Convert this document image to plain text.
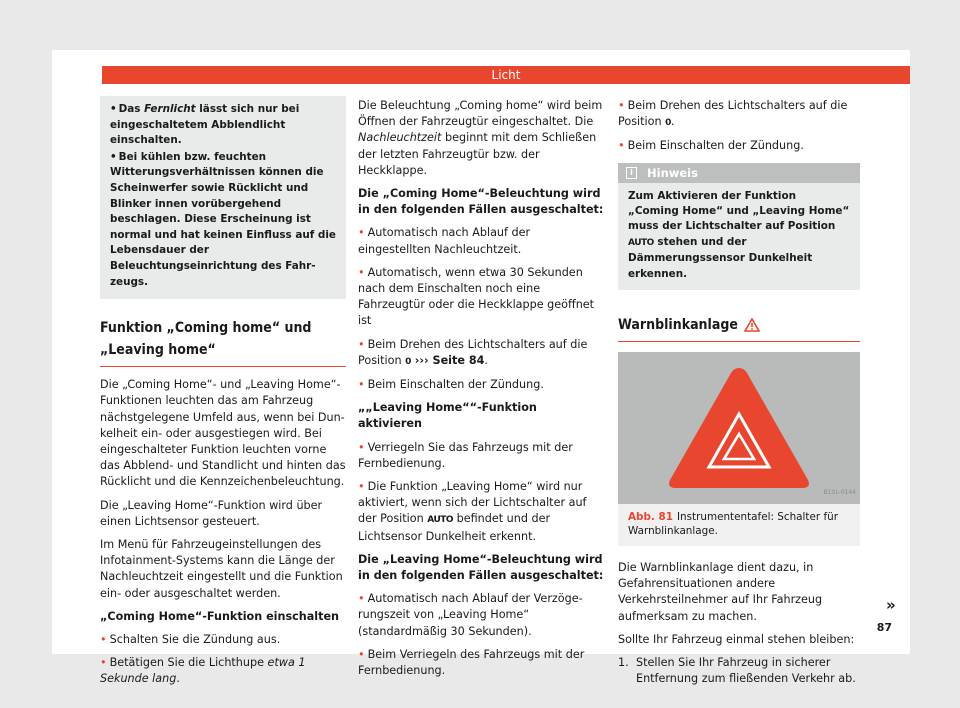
Licht

• Das Fernlicht lässt sich nur bei eingeschaltetem Abblendlicht einschalten.

• Bei kühlen bzw. feuchten Witterungsverhältnissen können die Scheinwerfer sowie Rücklicht und Blinker innen vorübergehend beschlagen. Diese Erscheinung ist normal und hat keinen Einfluss auf die Lebensdauer der Beleuchtungseinrichtung des Fahrzeugs.

Funktion „Coming home“ und „Leaving home“

Die „Coming Home“- und „Leaving Home“-Funktionen leuchten das am Fahrzeug nächstgelegene Umfeld aus, wenn bei Dunkelheit ein- oder ausgestiegen wird. Bei eingeschalteter Funktion leuchten vorne das Abblend- und Standlicht und hinten das Rücklicht und die Kennzeichenbeleuchtung.

Die „Leaving Home“-Funktion wird über einen Lichtsensor gesteuert.

Im Menü für Fahrzeugeinstellungen des Infotainment-Systems kann die Länge der Nachleuchtzeit eingestellt und die Funktion ein- oder ausgeschaltet werden.

„Coming Home“-Funktion einschalten

• Schalten Sie die Zündung aus.

• Betätigen Sie die Lichthupe etwa 1 Sekunde lang.

Die Beleuchtung „Coming home“ wird beim Öffnen der Fahrzeugtür eingeschaltet. Die Nachleuchtzeit beginnt mit dem Schließen der letzten Fahrzeugtür bzw. der Heckklappe.

Die „Coming Home“-Beleuchtung wird in den folgenden Fällen ausgeschaltet:

• Automatisch nach Ablauf der eingestellten Nachleuchtzeit.

• Automatisch, wenn etwa 30 Sekunden nach dem Einschalten noch eine Fahrzeugtür oder die Heckklappe geöffnet ist

• Beim Drehen des Lichtschalters auf die Position 0 ››› Seite 84.

• Beim Einschalten der Zündung.

„„Leaving Home““-Funktion aktivieren

• Verriegeln Sie das Fahrzeugs mit der Fernbedienung.

• Die Funktion „Leaving Home“ wird nur aktiviert, wenn sich der Lichtschalter auf der Position AUTO befindet und der Lichtsensor Dunkelheit erkennt.

Die „Leaving Home“-Beleuchtung wird in den folgenden Fällen ausgeschaltet:

• Automatisch nach Ablauf der Verzögerungszeit von „Leaving Home“ (standardmäßig 30 Sekunden).

• Beim Verriegeln des Fahrzeugs mit der Fernbedienung.

• Beim Drehen des Lichtschalters auf die Position 0.

• Beim Einschalten der Zündung.

i	Hinweis
Zum Aktivieren der Funktion „Coming Home“ und „Leaving Home“ muss der Lichtschalter auf Position AUTO stehen und der Dämmerungssensor Dunkelheit erkennen.
Warnblinkanlage
B1SL-0144
Abb. 81 Instrumententafel: Schalter für Warnblinkanlage.

Die Warnblinkanlage dient dazu, in Gefahrensituationen andere Verkehrsteilnehmer auf Ihr Fahrzeug aufmerksam zu machen.

Sollte Ihr Fahrzeug einmal stehen bleiben:

1. Stellen Sie Ihr Fahrzeug in sicherer Entfernung zum fließenden Verkehr ab.
»
87
